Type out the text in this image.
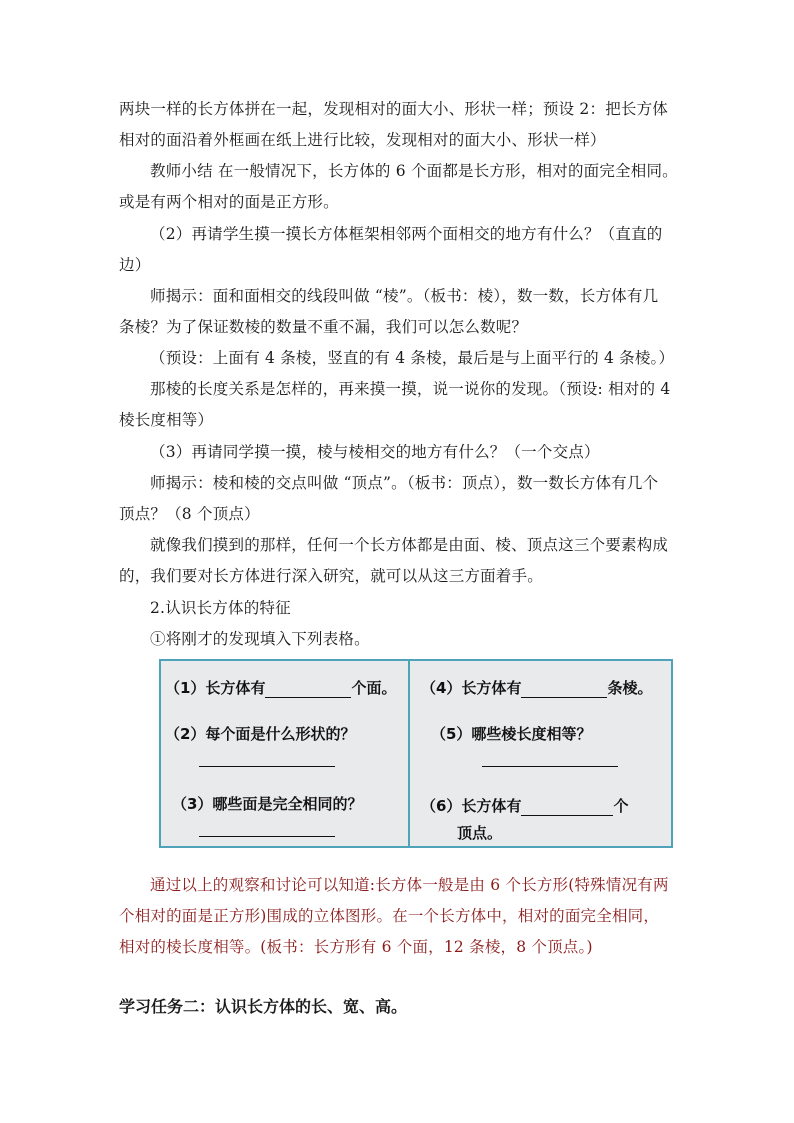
两块一样的长方体拼在一起，发现相对的面大小、形状一样；预设 2：把长方体
相对的面沿着外框画在纸上进行比较，发现相对的面大小、形状一样）
教师小结 在一般情况下，长方体的 6 个面都是长方形，相对的面完全相同。
或是有两个相对的面是正方形。
（2）再请学生摸一摸长方体框架相邻两个面相交的地方有什么？（直直的
边）
师揭示：面和面相交的线段叫做 “棱”。（板书：棱），数一数，长方体有几
条棱？为了保证数棱的数量不重不漏，我们可以怎么数呢？
（预设：上面有 4 条棱，竖直的有 4 条棱，最后是与上面平行的 4 条棱。）
那棱的长度关系是怎样的，再来摸一摸，说一说你的发现。（预设: 相对的 4
棱长度相等）
（3）再请同学摸一摸，棱与棱相交的地方有什么？（一个交点）
师揭示：棱和棱的交点叫做 “顶点”。（板书：顶点），数一数长方体有几个
顶点？（8 个顶点）
就像我们摸到的那样，任何一个长方体都是由面、棱、顶点这三个要素构成
的，我们要对长方体进行深入研究，就可以从这三方面着手。
2.认识长方体的特征
①将刚才的发现填入下列表格。
（1）长方体有	个面。
（2）每个面是什么形状的？
（3）哪些面是完全相同的？
（4）长方体有	条棱。
（5）哪些棱长度相等？
（6）长方体有	个
顶点。
通过以上的观察和讨论可以知道:长方体一般是由 6 个长方形(特殊情况有两
个相对的面是正方形)围成的立体图形。在一个长方体中，相对的面完全相同，
相对的棱长度相等。(板书：长方形有 6 个面，12 条棱，8 个顶点。)
学习任务二：认识长方体的长、宽、高。
